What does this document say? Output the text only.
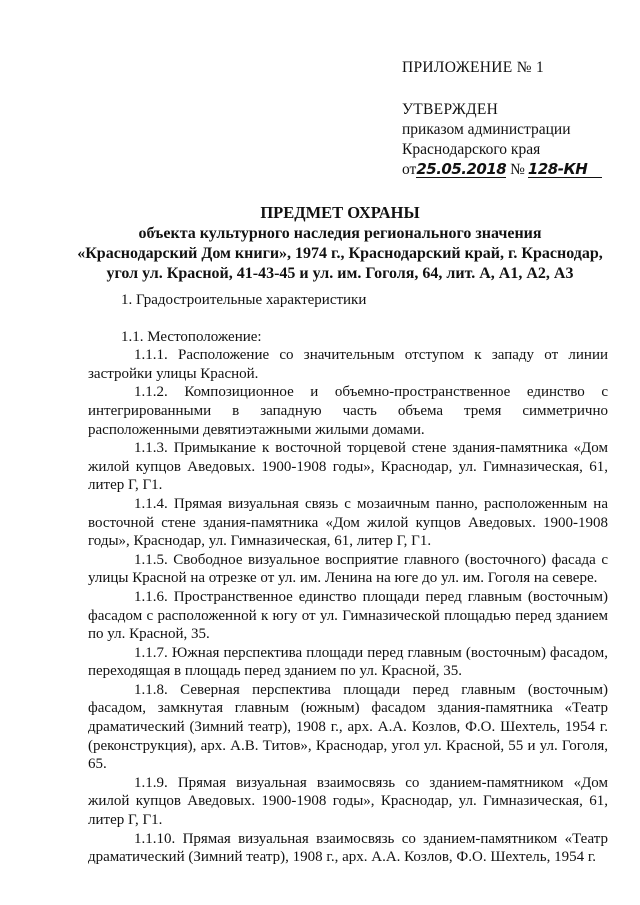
ПРИЛОЖЕНИЕ № 1
УТВЕРЖДЕН
приказом администрации
Краснодарского края
от25.05.2018 № 128-КН
ПРЕДМЕТ ОХРАНЫ
объекта культурного наследия регионального значения
«Краснодарский Дом книги», 1974 г., Краснодарский край, г. Краснодар,
угол ул. Красной, 41-43-45 и ул. им. Гоголя, 64, лит. А, А1, А2, А3
1. Градостроительные характеристики
1.1. Местоположение:

1.1.1. Расположение со значительным отступом к западу от линии застройки улицы Красной.

1.1.2. Композиционное и объемно-пространственное единство с интегрированными в западную часть объема тремя симметрично расположенными девятиэтажными жилыми домами.

1.1.3. Примыкание к восточной торцевой стене здания-памятника «Дом жилой купцов Аведовых. 1900-1908 годы», Краснодар, ул. Гимназическая, 61, литер Г, Г1.

1.1.4. Прямая визуальная связь с мозаичным панно, расположенным на восточной стене здания-памятника «Дом жилой купцов Аведовых. 1900-1908 годы», Краснодар, ул. Гимназическая, 61, литер Г, Г1.

1.1.5. Свободное визуальное восприятие главного (восточного) фасада с улицы Красной на отрезке от ул. им. Ленина на юге до ул. им. Гоголя на севере.

1.1.6. Пространственное единство площади перед главным (восточным) фасадом с расположенной к югу от ул. Гимназической площадью перед зданием по ул. Красной, 35.

1.1.7. Южная перспектива площади перед главным (восточным) фасадом, переходящая в площадь перед зданием по ул. Красной, 35.

1.1.8. Северная перспектива площади перед главным (восточным) фасадом, замкнутая главным (южным) фасадом здания-памятника «Театр драматический (Зимний театр), 1908 г., арх. А.А. Козлов, Ф.О. Шехтель, 1954 г. (реконструкция), арх. А.В. Титов», Краснодар, угол ул. Красной, 55 и ул. Гоголя, 65.

1.1.9. Прямая визуальная взаимосвязь со зданием-памятником «Дом жилой купцов Аведовых. 1900-1908 годы», Краснодар, ул. Гимназическая, 61, литер Г, Г1.

1.1.10. Прямая визуальная взаимосвязь со зданием-памятником «Театр драматический (Зимний театр), 1908 г., арх. А.А. Козлов, Ф.О. Шехтель, 1954 г.
